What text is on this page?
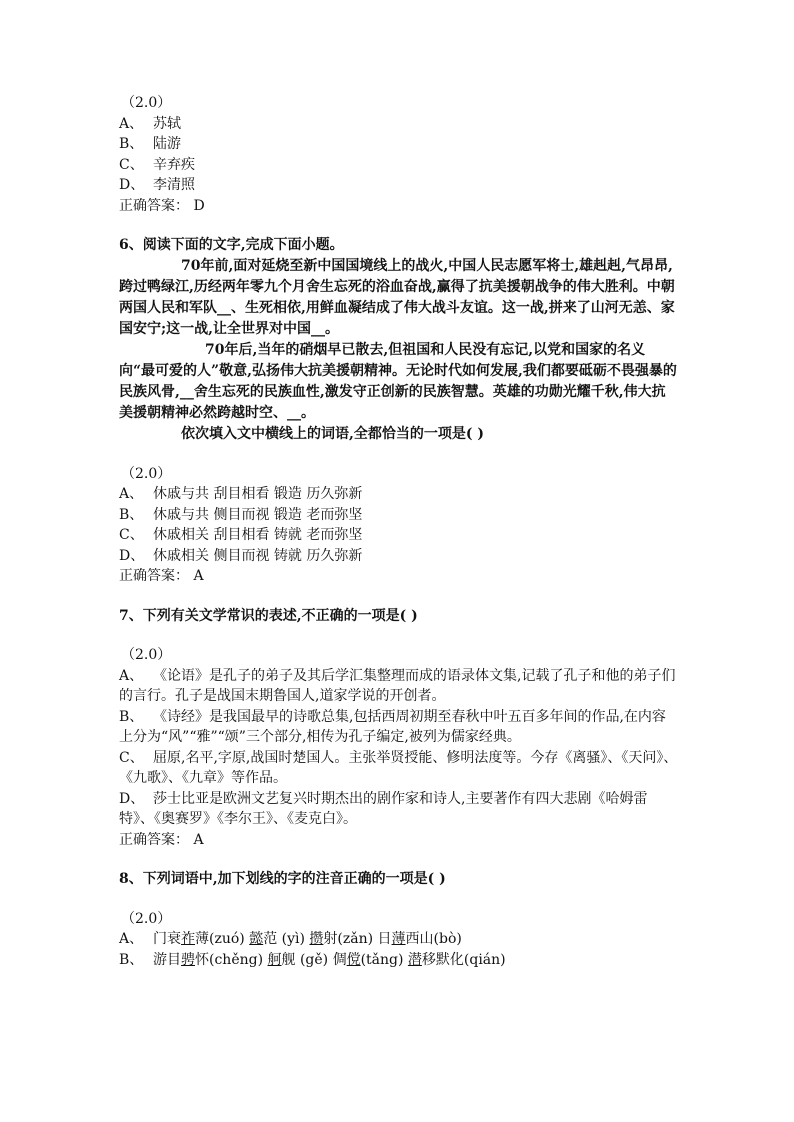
（2.0）
A、 苏轼
B、 陆游
C、 辛弃疾
D、 李清照
正确答案： D
6、阅读下面的文字,完成下面小题。
70年前,面对延烧至新中国国境线上的战火,中国人民志愿军将士,雄赳赳,气昂昂,跨过鸭绿江,历经两年零九个月舍生忘死的浴血奋战,赢得了抗美援朝战争的伟大胜利。中朝两国人民和军队__、生死相依,用鲜血凝结成了伟大战斗友谊。这一战,拼来了山河无恙、家国安宁;这一战,让全世界对中国__。
70年后,当年的硝烟早已散去,但祖国和人民没有忘记,以党和国家的名义向“最可爱的人”敬意,弘扬伟大抗美援朝精神。无论时代如何发展,我们都要砥砺不畏强暴的民族风骨,__舍生忘死的民族血性,激发守正创新的民族智慧。英雄的功勋光耀千秋,伟大抗美援朝精神必然跨越时空、__。
依次填入文中横线上的词语,全都恰当的一项是( )
（2.0）
A、 休戚与共 刮目相看 锻造 历久弥新
B、 休戚与共 侧目而视 锻造 老而弥坚
C、 休戚相关 刮目相看 铸就 老而弥坚
D、 休戚相关 侧目而视 铸就 历久弥新
正确答案： A
7、下列有关文学常识的表述,不正确的一项是( )
（2.0）
A、 《论语》是孔子的弟子及其后学汇集整理而成的语录体文集,记载了孔子和他的弟子们的言行。孔子是战国末期鲁国人,道家学说的开创者。
B、 《诗经》是我国最早的诗歌总集,包括西周初期至春秋中叶五百多年间的作品,在内容上分为“风”“雅”“颂”三个部分,相传为孔子编定,被列为儒家经典。
C、 屈原,名平,字原,战国时楚国人。主张举贤授能、修明法度等。今存《离骚》、《天问》、《九歌》、《九章》等作品。
D、 莎士比亚是欧洲文艺复兴时期杰出的剧作家和诗人,主要著作有四大悲剧《哈姆雷特》、《奥赛罗》《李尔王》、《麦克白》。
正确答案： A
8、下列词语中,加下划线的字的注音正确的一项是( )
（2.0）
A、 门衰祚薄(zuó) 懿范 (yì) 攒射(zǎn) 日薄西山(bò)
B、 游目骋怀(chěng) 舸舰 (gě) 倜傥(tǎng) 潜移默化(qián)
